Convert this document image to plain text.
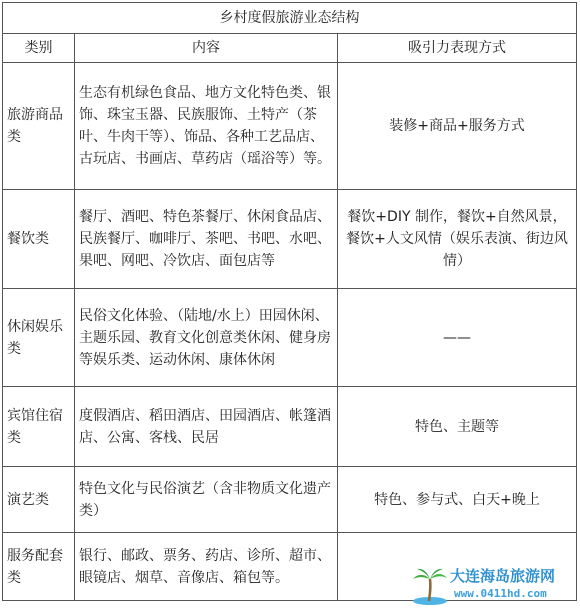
乡村度假旅游业态结构		
类别	内容	吸引力表现方式
旅游商品类	生态有机绿色食品、地方文化特色类、银饰、珠宝玉器、民族服饰、土特产（茶叶、牛肉干等）、饰品、各种工艺品店、古玩店、书画店、草药店（瑶浴等）等。	装修+商品+服务方式
餐饮类	餐厅、酒吧、特色茶餐厅、休闲食品店、民族餐厅、咖啡厅、茶吧、书吧、水吧、果吧、网吧、冷饮店、面包店等	餐饮+DIY 制作，餐饮+自然风景，餐饮+人文风情（娱乐表演、街边风情）
休闲娱乐类	民俗文化体验、（陆地/水上）田园休闲、主题乐园、教育文化创意类休闲、健身房等娱乐类、运动休闲、康体休闲	——
宾馆住宿类	度假酒店、稻田酒店、田园酒店、帐篷酒店、公寓、客栈、民居	特色、主题等
演艺类	特色文化与民俗演艺（含非物质文化遗产类）	特色、参与式、白天+晚上
服务配套类	银行、邮政、票务、药店、诊所、超市、眼镜店、烟草、音像店、箱包等。		大连海岛旅游网
www.0411hd.com
